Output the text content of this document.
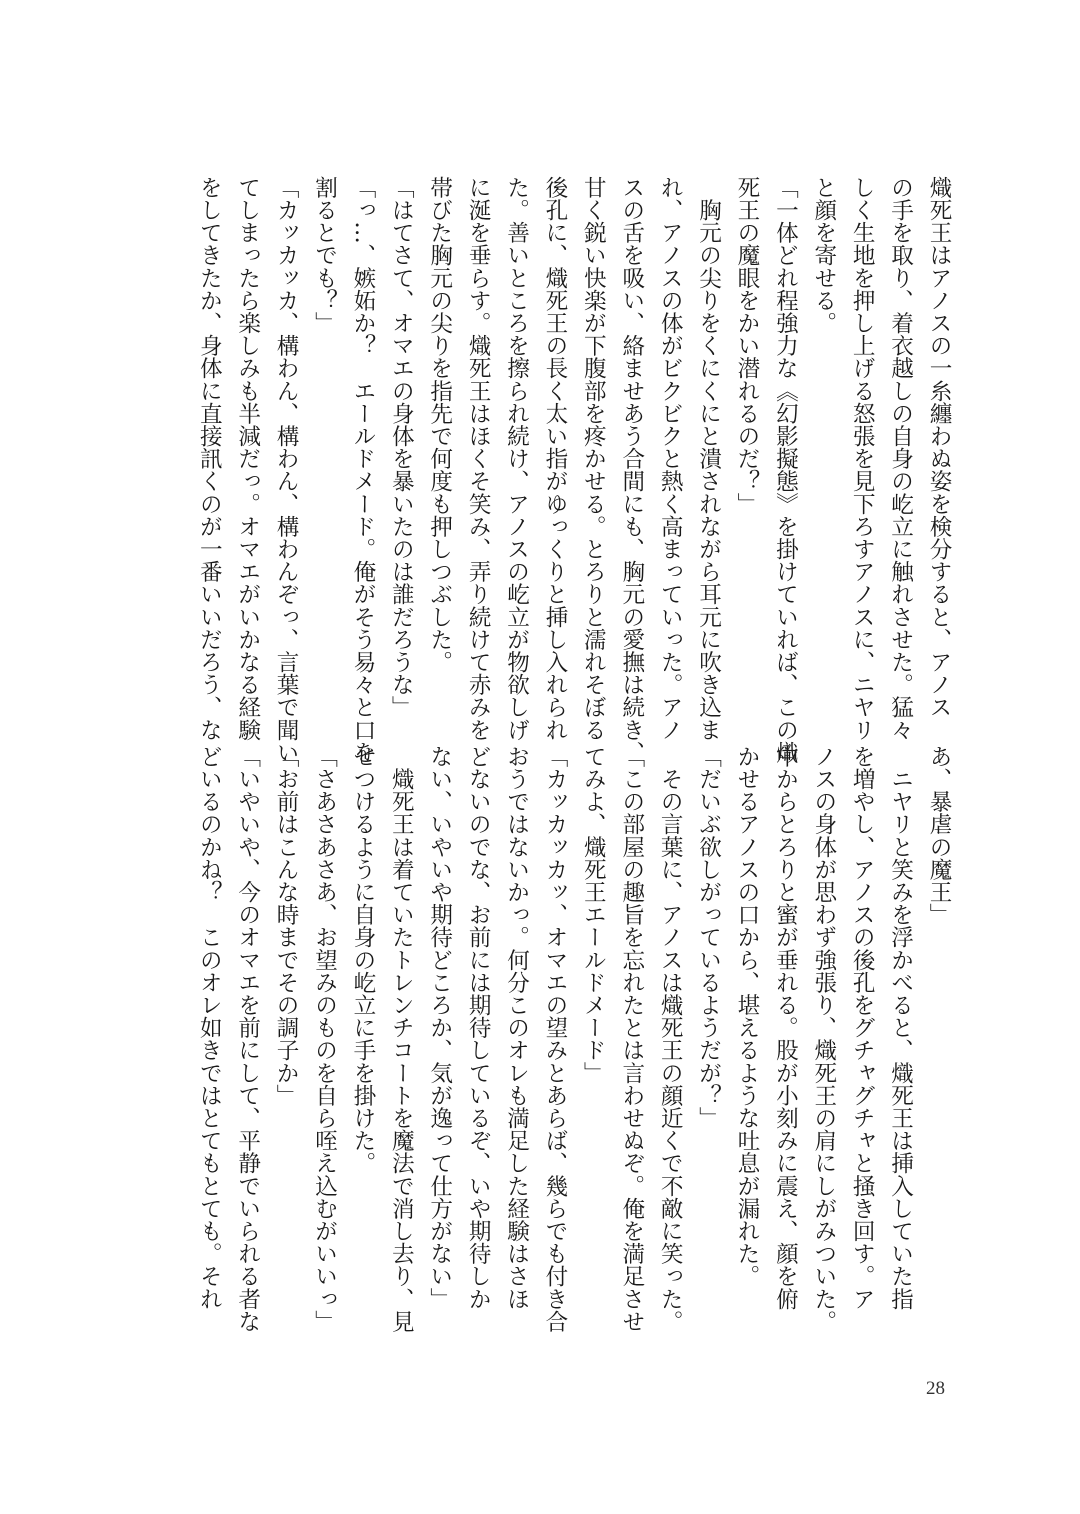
熾死王はアノスの一糸纏わぬ姿を検分すると、アノス
の手を取り、着衣越しの自身の屹立に触れさせた。猛々
しく生地を押し上げる怒張を見下ろすアノスに、ニヤリ
と顔を寄せる。
「一体どれ程強力な《幻影擬態》を掛けていれば、この熾
死王の魔眼をかい潜れるのだ？」
　胸元の尖りをくにくにと潰されながら耳元に吹き込ま
れ、アノスの体がビクビクと熱く高まっていった。アノ
スの舌を吸い、絡ませあう合間にも、胸元の愛撫は続き、
甘く鋭い快楽が下腹部を疼かせる。とろりと濡れそぼる
後孔に、熾死王の長く太い指がゆっくりと挿し入れられ
た。善いところを擦られ続け、アノスの屹立が物欲しげ
に涎を垂らす。熾死王はほくそ笑み、弄り続けて赤みを
帯びた胸元の尖りを指先で何度も押しつぶした。
「はてさて、オマエの身体を暴いたのは誰だろうな」
「っ…、嫉妬か？　エールドメード。俺がそう易々と口を
割るとでも？」
「カッカッカ、構わん、構わん、構わんぞっ、言葉で聞い
てしまったら楽しみも半減だっ。オマエがいかなる経験
をしてきたか、身体に直接訊くのが一番いいだろう、な
あ、暴虐の魔王」
　ニヤリと笑みを浮かべると、熾死王は挿入していた指
を増やし、アノスの後孔をグチャグチャと掻き回す。ア
ノスの身体が思わず強張り、熾死王の肩にしがみついた。
中からとろりと蜜が垂れる。股が小刻みに震え、顔を俯
かせるアノスの口から、堪えるような吐息が漏れた。
「だいぶ欲しがっているようだが？」
　その言葉に、アノスは熾死王の顔近くで不敵に笑った。
「この部屋の趣旨を忘れたとは言わせぬぞ。俺を満足させ
てみよ、熾死王エールドメード」
「カッカッカッ、オマエの望みとあらば、幾らでも付き合
おうではないかっ。何分このオレも満足した経験はさほ
どないのでな、お前には期待しているぞ、いや期待しか
ない、いやいや期待どころか、気が逸って仕方がない」
　熾死王は着ていたトレンチコートを魔法で消し去り、見
せつけるように自身の屹立に手を掛けた。
「さあさあさあ、お望みのものを自ら咥え込むがいいっ」
「お前はこんな時までその調子か」
「いやいや、今のオマエを前にして、平静でいられる者な
どいるのかね？　このオレ如きではとてもとても。それ
28
